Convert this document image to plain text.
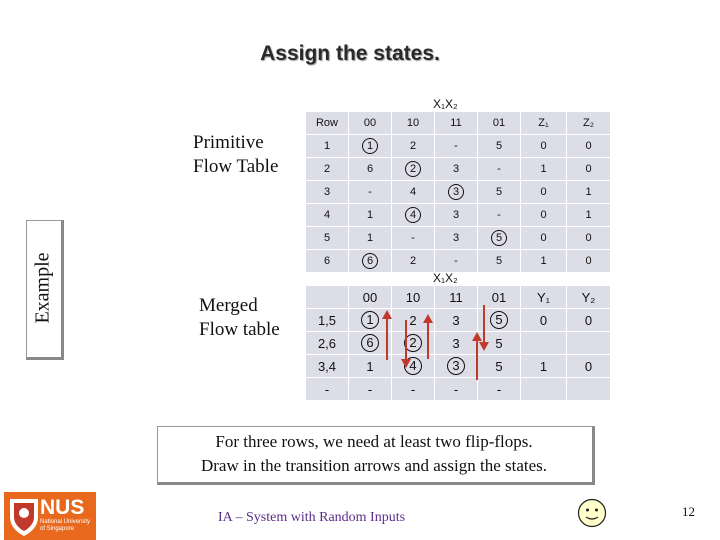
Assign the states.
Example
Primitive
Flow Table
Merged
Flow table
X₁X₂
Row	00	10	11	01	Z₁	Z₂
1	1	2	-	5	0	0
2	6	2	3	-	1	0
3	-	4	3	5	0	1
4	1	4	3	-	0	1
5	1	-	3	5	0	0
6	6	2	-	5	1	0
X₁X₂
	00	10	11	01	Y₁	Y₂
1,5	1	2	3	5	0	0
2,6	6	2	3	5		
3,4	1	4	3	5	1	0
-	-	-	-	-		
For three rows, we need at least two flip-flops.
Draw in the transition arrows and assign the states.
NUS
National University of Singapore
IA – System with Random Inputs	12
